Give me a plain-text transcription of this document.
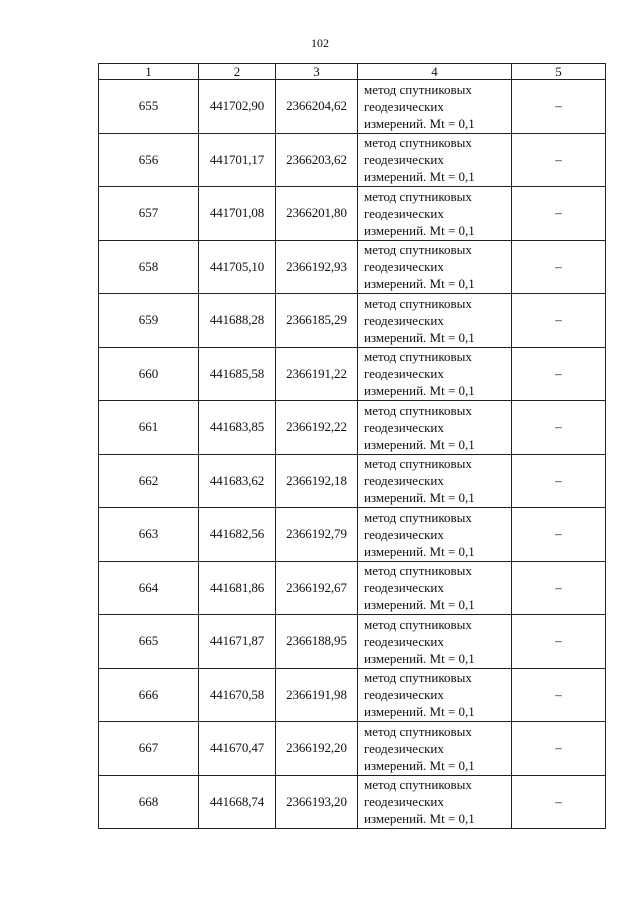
102
1	2	3	4	5
655	441702,90	2366204,62	метод спутниковых
геодезических
измерений. Mt = 0,1	–
656	441701,17	2366203,62	метод спутниковых
геодезических
измерений. Mt = 0,1	–
657	441701,08	2366201,80	метод спутниковых
геодезических
измерений. Mt = 0,1	–
658	441705,10	2366192,93	метод спутниковых
геодезических
измерений. Mt = 0,1	–
659	441688,28	2366185,29	метод спутниковых
геодезических
измерений. Mt = 0,1	–
660	441685,58	2366191,22	метод спутниковых
геодезических
измерений. Mt = 0,1	–
661	441683,85	2366192,22	метод спутниковых
геодезических
измерений. Mt = 0,1	–
662	441683,62	2366192,18	метод спутниковых
геодезических
измерений. Mt = 0,1	–
663	441682,56	2366192,79	метод спутниковых
геодезических
измерений. Mt = 0,1	–
664	441681,86	2366192,67	метод спутниковых
геодезических
измерений. Mt = 0,1	–
665	441671,87	2366188,95	метод спутниковых
геодезических
измерений. Mt = 0,1	–
666	441670,58	2366191,98	метод спутниковых
геодезических
измерений. Mt = 0,1	–
667	441670,47	2366192,20	метод спутниковых
геодезических
измерений. Mt = 0,1	–
668	441668,74	2366193,20	метод спутниковых
геодезических
измерений. Mt = 0,1	–
